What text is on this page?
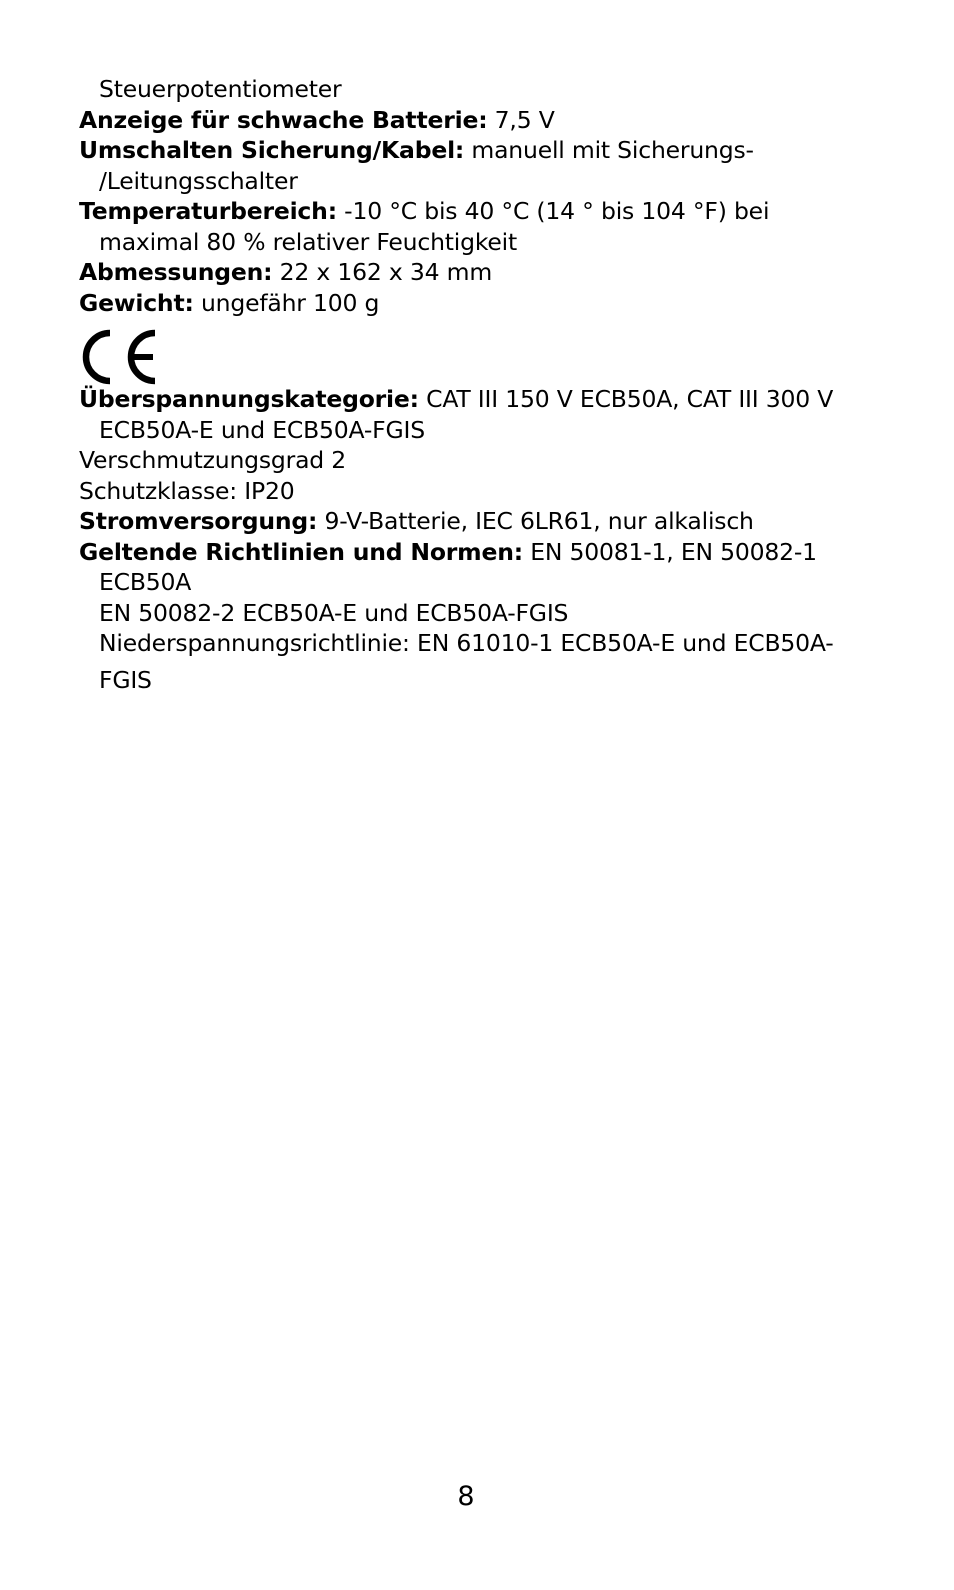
Steuerpotentiometer
Anzeige für schwache Batterie: 7,5 V
Umschalten Sicherung/Kabel: manuell mit Sicherungs-
/Leitungsschalter
Temperaturbereich: -10 °C bis 40 °C (14 ° bis 104 °F) bei
maximal 80 % relativer Feuchtigkeit
Abmessungen: 22 x 162 x 34 mm
Gewicht: ungefähr 100 g
Überspannungskategorie: CAT III 150 V ECB50A, CAT III 300 V
ECB50A-E und ECB50A-FGIS
Verschmutzungsgrad 2
Schutzklasse: IP20
Stromversorgung: 9-V-Batterie, IEC 6LR61, nur alkalisch
Geltende Richtlinien und Normen: EN 50081-1, EN 50082-1
ECB50A
EN 50082-2 ECB50A-E und ECB50A-FGIS
Niederspannungsrichtlinie: EN 61010-1 ECB50A-E und ECB50A-
FGIS
8
